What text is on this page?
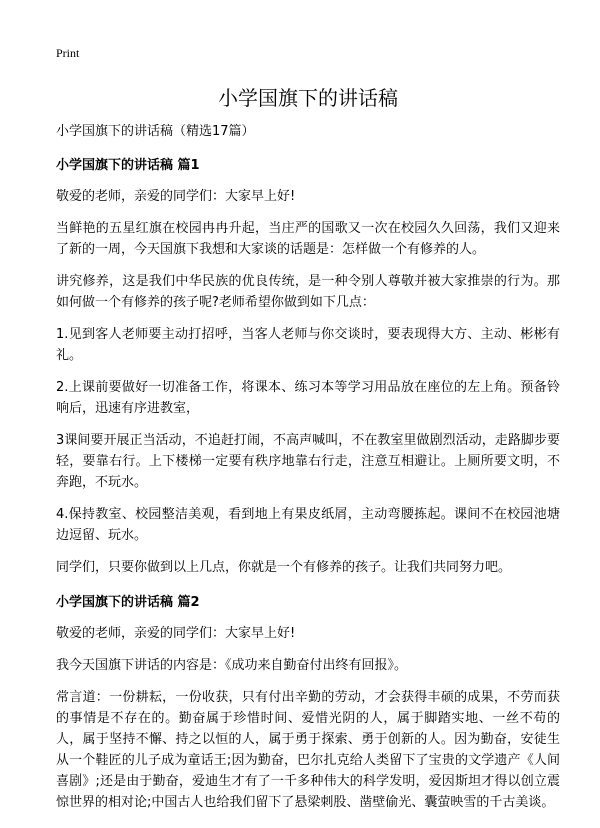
Print
小学国旗下的讲话稿

小学国旗下的讲话稿（精选17篇）

小学国旗下的讲话稿 篇1

敬爱的老师，亲爱的同学们：大家早上好!

当鲜艳的五星红旗在校园冉冉升起，当庄严的国歌又一次在校园久久回荡，我们又迎来了新的一周，今天国旗下我想和大家谈的话题是：怎样做一个有修养的人。

讲究修养，这是我们中华民族的优良传统，是一种令别人尊敬并被大家推崇的行为。那如何做一个有修养的孩子呢?老师希望你做到如下几点：

1.见到客人老师要主动打招呼，当客人老师与你交谈时，要表现得大方、主动、彬彬有礼。

2.上课前要做好一切准备工作，将课本、练习本等学习用品放在座位的左上角。预备铃响后，迅速有序进教室，

3课间要开展正当活动，不追赶打闹，不高声喊叫，不在教室里做剧烈活动，走路脚步要轻，要靠右行。上下楼梯一定要有秩序地靠右行走，注意互相避让。上厕所要文明，不奔跑，不玩水。

4.保持教室、校园整洁美观，看到地上有果皮纸屑，主动弯腰拣起。课间不在校园池塘边逗留、玩水。

同学们，只要你做到以上几点，你就是一个有修养的孩子。让我们共同努力吧。

小学国旗下的讲话稿 篇2

敬爱的老师，亲爱的同学们：大家早上好!

我今天国旗下讲话的内容是：《成功来自勤奋付出终有回报》。

常言道：一份耕耘，一份收获，只有付出辛勤的劳动，才会获得丰硕的成果，不劳而获的事情是不存在的。勤奋属于珍惜时间、爱惜光阴的人，属于脚踏实地、一丝不苟的人，属于坚持不懈、持之以恒的人，属于勇于探索、勇于创新的人。因为勤奋，安徒生从一个鞋匠的儿子成为童话王;因为勤奋，巴尔扎克给人类留下了宝贵的文学遗产《人间喜剧》;还是由于勤奋，爱迪生才有了一千多种伟大的科学发明，爱因斯坦才得以创立震惊世界的相对论;中国古人也给我们留下了悬梁刺股、凿壁偷光、囊萤映雪的千古美谈。
